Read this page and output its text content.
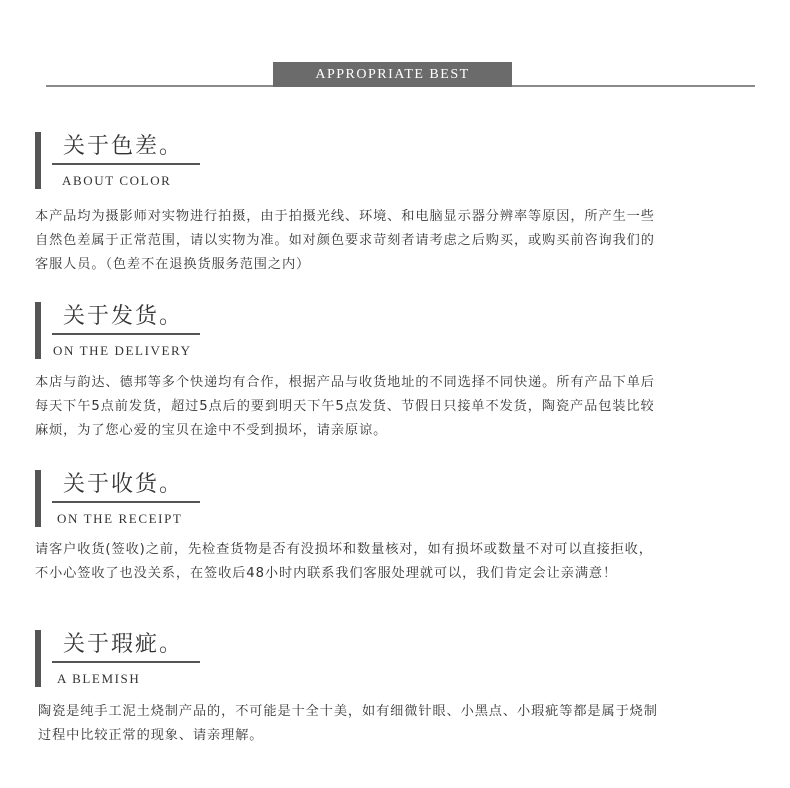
APPROPRIATE BEST
关于色差。
ABOUT COLOR
本产品均为摄影师对实物进行拍摄，由于拍摄光线、环境、和电脑显示器分辨率等原因，所产生一些
自然色差属于正常范围，请以实物为准。如对颜色要求苛刻者请考虑之后购买，或购买前咨询我们的
客服人员。（色差不在退换货服务范围之内）
关于发货。
ON THE DELIVERY
本店与韵达、德邦等多个快递均有合作，根据产品与收货地址的不同选择不同快递。所有产品下单后
每天下午5点前发货，超过5点后的要到明天下午5点发货、节假日只接单不发货，陶瓷产品包装比较
麻烦，为了您心爱的宝贝在途中不受到损坏，请亲原谅。
关于收货。
ON THE RECEIPT
请客户收货(签收)之前，先检查货物是否有没损坏和数量核对，如有损坏或数量不对可以直接拒收，
不小心签收了也没关系，在签收后48小时内联系我们客服处理就可以，我们肯定会让亲满意！
关于瑕疵。
A BLEMISH
陶瓷是纯手工泥土烧制产品的，不可能是十全十美，如有细微针眼、小黑点、小瑕疵等都是属于烧制
过程中比较正常的现象、请亲理解。
